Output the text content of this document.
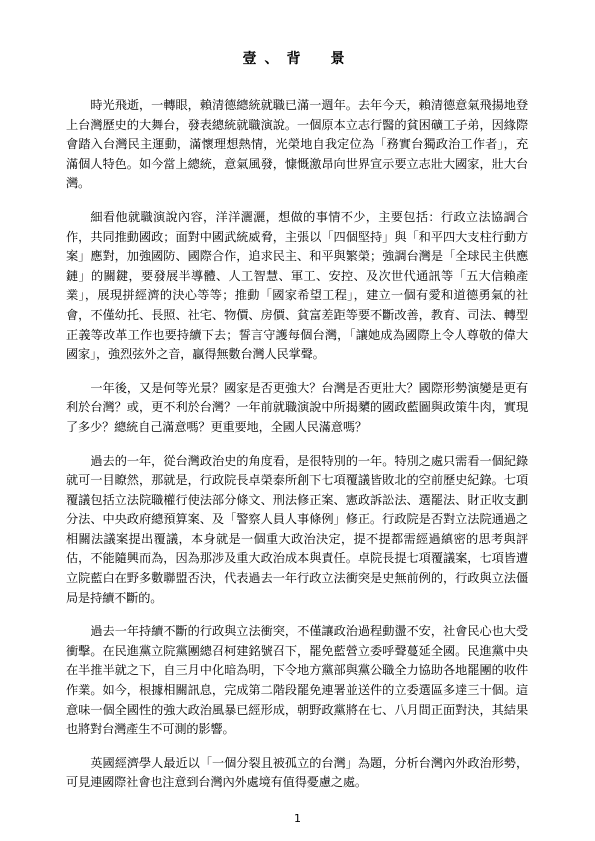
壹、背　景

時光飛逝，一轉眼，賴清德總統就職已滿一週年。去年今天，賴清德意氣飛揚地登上台灣歷史的大舞台，發表總統就職演說。一個原本立志行醫的貧困礦工子弟，因緣際會踏入台灣民主運動，滿懷理想熱情，光榮地自我定位為「務實台獨政治工作者」，充滿個人特色。如今當上總統，意氣風發，慷慨激昂向世界宣示要立志壯大國家，壯大台灣。

細看他就職演說內容，洋洋灑灑，想做的事情不少，主要包括：行政立法協調合作，共同推動國政；面對中國武統威脅，主張以「四個堅持」與「和平四大支柱行動方案」應對，加強國防、國際合作，追求民主、和平與繁榮；強調台灣是「全球民主供應鏈」的關鍵，要發展半導體、人工智慧、軍工、安控、及次世代通訊等「五大信賴產業」，展現拼經濟的決心等等；推動「國家希望工程」，建立一個有愛和道德勇氣的社會，不僅幼托、長照、社宅、物價、房價、貧富差距等要不斷改善，教育、司法、轉型正義等改革工作也要持續下去；誓言守護每個台灣，「讓她成為國際上令人尊敬的偉大國家」，強烈弦外之音，贏得無數台灣人民掌聲。

一年後，又是何等光景？國家是否更強大？台灣是否更壯大？國際形勢演變是更有利於台灣？或，更不利於台灣？一年前就職演說中所揭櫫的國政藍圖與政策牛肉，實現了多少？總統自己滿意嗎？更重要地，全國人民滿意嗎？

過去的一年，從台灣政治史的角度看，是很特別的一年。特別之處只需看一個紀錄就可一目瞭然，那就是，行政院長卓榮泰所創下七項覆議皆敗北的空前歷史紀錄。七項覆議包括立法院職權行使法部分條文、刑法修正案、憲政訴訟法、選罷法、財正收支劃分法、中央政府總預算案、及「警察人員人事條例」修正。行政院是否對立法院通過之相關法議案提出覆議，本身就是一個重大政治決定，提不提都需經過縝密的思考與評估，不能隨興而為，因為那涉及重大政治成本與責任。卓院長提七項覆議案，七項皆遭立院藍白在野多數聯盟否決，代表過去一年行政立法衝突是史無前例的，行政與立法僵局是持續不斷的。

過去一年持續不斷的行政與立法衝突，不僅讓政治過程動盪不安，社會民心也大受衝擊。在民進黨立院黨團總召柯建銘號召下，罷免藍營立委呼聲蔓延全國。民進黨中央在半推半就之下，自三月中化暗為明，下令地方黨部與黨公職全力協助各地罷團的收件作業。如今，根據相關訊息，完成第二階段罷免連署並送件的立委選區多達三十個。這意味一個全國性的強大政治風暴已經形成，朝野政黨將在七、八月間正面對決，其結果也將對台灣產生不可測的影響。

英國經濟學人最近以「一個分裂且被孤立的台灣」為題，分析台灣內外政治形勢，可見連國際社會也注意到台灣內外處境有值得憂慮之處。

1
